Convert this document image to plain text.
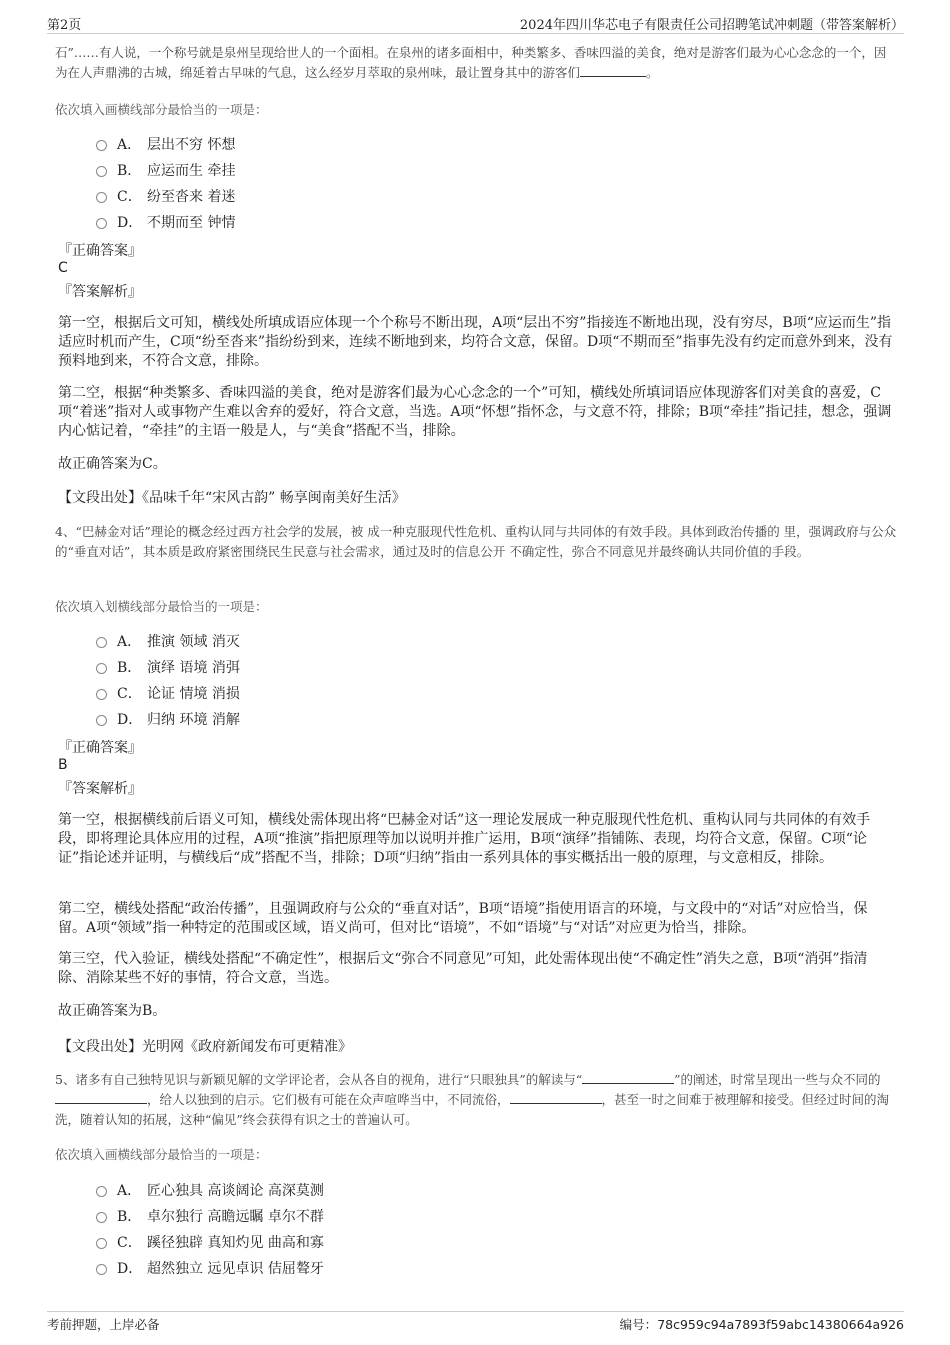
第2页	2024年四川华芯电子有限责任公司招聘笔试冲刺题（带答案解析）
石”……有人说，一个称号就是泉州呈现给世人的一个面相。在泉州的诸多面相中，种类繁多、香味四溢的美食，绝对是游客们最为心心念念的一个，因为在人声鼎沸的古城，绵延着古早味的气息，这么经岁月萃取的泉州味，最让置身其中的游客们	。
依次填入画横线部分最恰当的一项是：
A． 层出不穷 怀想
B． 应运而生 牵挂
C． 纷至沓来 着迷
D． 不期而至 钟情
『正确答案』
C
『答案解析』
第一空，根据后文可知，横线处所填成语应体现一个个称号不断出现，A项“层出不穷”指接连不断地出现，没有穷尽，B项“应运而生”指适应时机而产生，C项“纷至沓来”指纷纷到来，连续不断地到来，均符合文意，保留。D项“不期而至”指事先没有约定而意外到来，没有预料地到来，不符合文意，排除。
第二空，根据“种类繁多、香味四溢的美食，绝对是游客们最为心心念念的一个”可知，横线处所填词语应体现游客们对美食的喜爱，C项“着迷”指对人或事物产生难以舍弃的爱好，符合文意，当选。A项“怀想”指怀念，与文意不符，排除；B项“牵挂”指记挂，想念，强调内心惦记着，“牵挂”的主语一般是人，与“美食”搭配不当，排除。
故正确答案为C。
【文段出处】《品味千年“宋风古韵” 畅享闽南美好生活》
4、“巴赫金对话”理论的概念经过西方社会学的发展，被 成一种克服现代性危机、重构认同与共同体的有效手段。具体到政治传播的 里，强调政府与公众的“垂直对话”，其本质是政府紧密围绕民生民意与社会需求，通过及时的信息公开 不确定性，弥合不同意见并最终确认共同价值的手段。
依次填入划横线部分最恰当的一项是：
A． 推演 领域 消灭
B． 演绎 语境 消弭
C． 论证 情境 消损
D． 归纳 环境 消解
『正确答案』
B
『答案解析』
第一空，根据横线前后语义可知，横线处需体现出将“巴赫金对话”这一理论发展成一种克服现代性危机、重构认同与共同体的有效手段，即将理论具体应用的过程，A项“推演”指把原理等加以说明并推广运用，B项“演绎”指铺陈、表现，均符合文意，保留。C项“论证”指论述并证明，与横线后“成”搭配不当，排除；D项“归纳”指由一系列具体的事实概括出一般的原理，与文意相反，排除。
第二空，横线处搭配“政治传播”，且强调政府与公众的“垂直对话”，B项“语境”指使用语言的环境，与文段中的“对话”对应恰当，保留。A项“领域”指一种特定的范围或区域，语义尚可，但对比“语境”，不如“语境”与“对话”对应更为恰当，排除。
第三空，代入验证，横线处搭配“不确定性”，根据后文“弥合不同意见”可知，此处需体现出使“不确定性”消失之意，B项“消弭”指清除、消除某些不好的事情，符合文意，当选。
故正确答案为B。
【文段出处】光明网《政府新闻发布可更精准》
5、诸多有自己独特见识与新颖见解的文学评论者，会从各自的视角，进行“只眼独具”的解读与“	”的阐述，时常呈现出一些与众不同的，给人以独到的启示。它们极有可能在众声喧哗当中，不同流俗，	，甚至一时之间难于被理解和接受。但经过时间的淘洗，随着认知的拓展，这种“偏见”终会获得有识之士的普遍认可。
依次填入画横线部分最恰当的一项是：
A． 匠心独具 高谈阔论 高深莫测
B． 卓尔独行 高瞻远瞩 卓尔不群
C． 蹊径独辟 真知灼见 曲高和寡
D． 超然独立 远见卓识 佶屈聱牙
考前押题，上岸必备	编号：78c959c94a7893f59abc14380664a926
